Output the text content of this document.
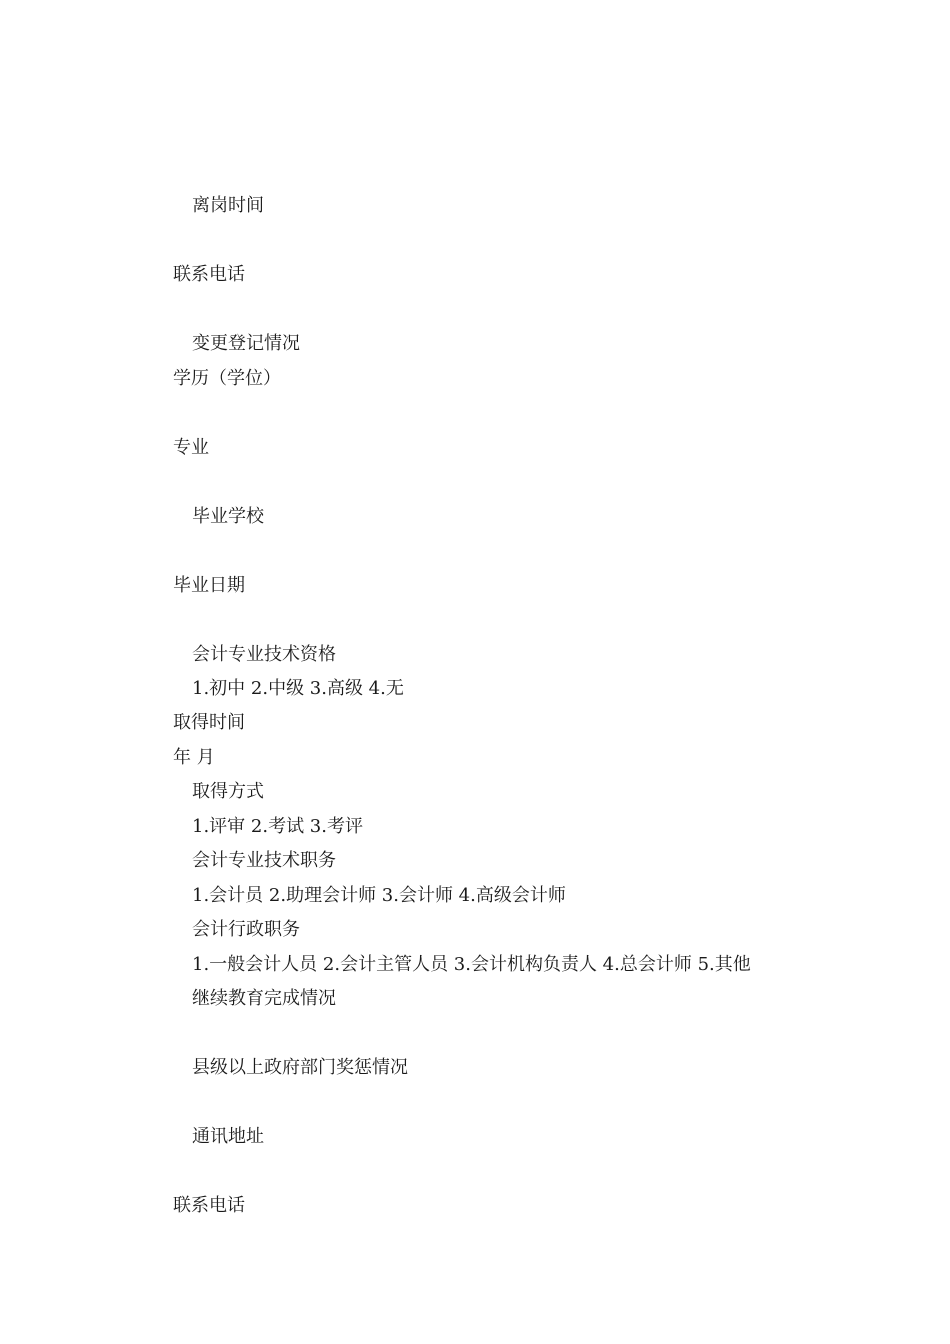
离岗时间
联系电话
变更登记情况
学历（学位）
专业
毕业学校
毕业日期
会计专业技术资格
1.初中 2.中级 3.高级 4.无
取得时间
年 月
取得方式
1.评审 2.考试 3.考评
会计专业技术职务
1.会计员 2.助理会计师 3.会计师 4.高级会计师
会计行政职务
1.一般会计人员 2.会计主管人员 3.会计机构负责人 4.总会计师 5.其他
继续教育完成情况
县级以上政府部门奖惩情况
通讯地址
联系电话
